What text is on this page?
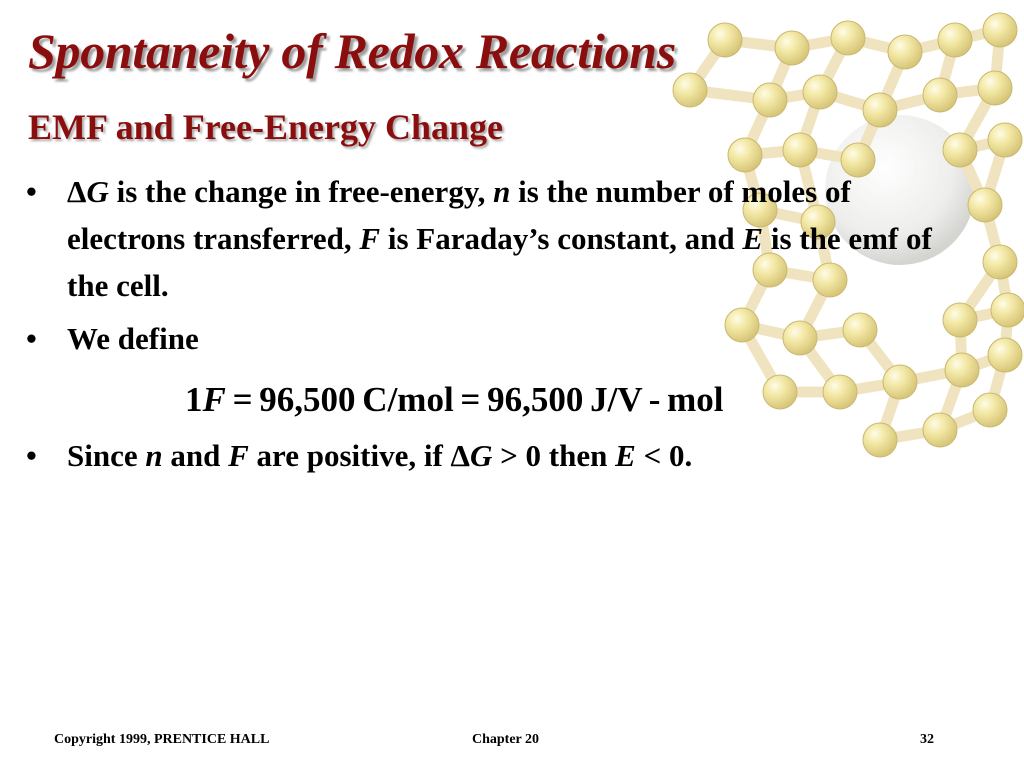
Spontaneity of Redox Reactions
EMF and Free-Energy Change
• ΔG is the change in free-energy, n is the number of moles of electrons transferred, F is Faraday’s constant, and E is the emf of the cell.
• We define
1F = 96,500 C/mol = 96,500 J/V - mol
• Since n and F are positive, if ΔG > 0 then E < 0.
Copyright 1999, PRENTICE HALL	Chapter 20	32
